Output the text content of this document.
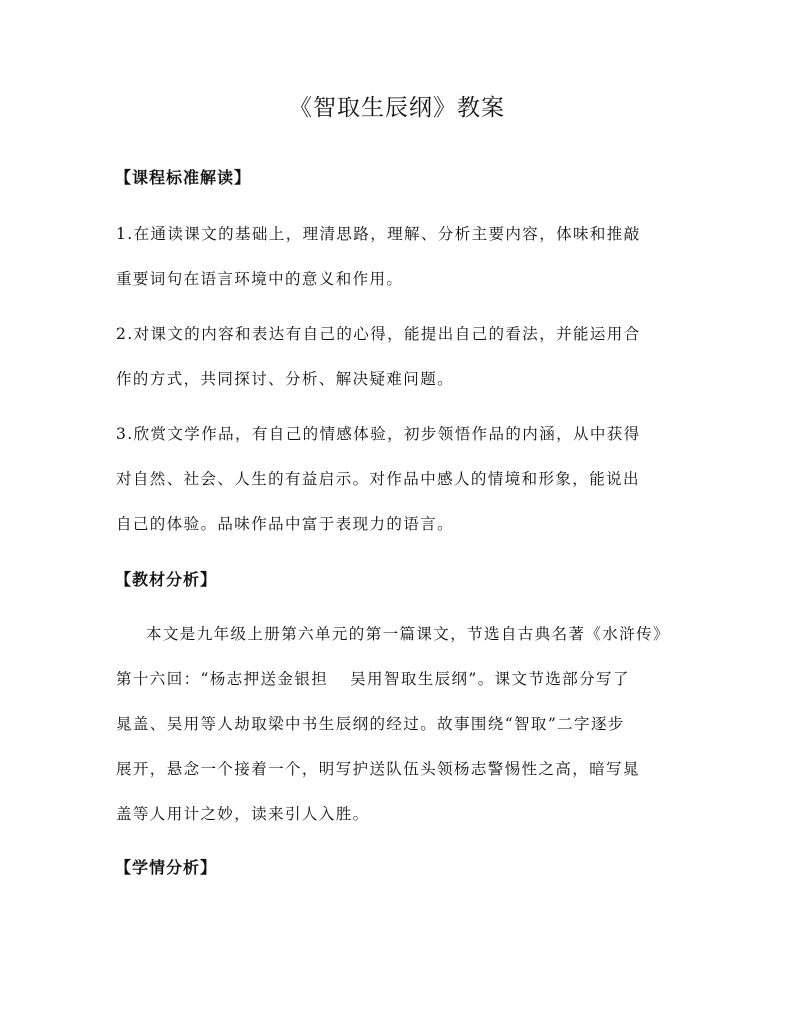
《智取生辰纲》教案
【课程标准解读】
1.在通读课文的基础上，理清思路，理解、分析主要内容，体味和推敲
重要词句在语言环境中的意义和作用。
2.对课文的内容和表达有自己的心得，能提出自己的看法，并能运用合
作的方式，共同探讨、分析、解决疑难问题。
3.欣赏文学作品，有自己的情感体验，初步领悟作品的内涵，从中获得
对自然、社会、人生的有益启示。对作品中感人的情境和形象，能说出
自己的体验。品味作品中富于表现力的语言。
【教材分析】
本文是九年级上册第六单元的第一篇课文，节选自古典名著《水浒传》
第十六回：“杨志押送金银担 吴用智取生辰纲”。课文节选部分写了
晁盖、吴用等人劫取梁中书生辰纲的经过。故事围绕“智取”二字逐步
展开，悬念一个接着一个，明写护送队伍头领杨志警惕性之高，暗写晁
盖等人用计之妙，读来引人入胜。
【学情分析】
